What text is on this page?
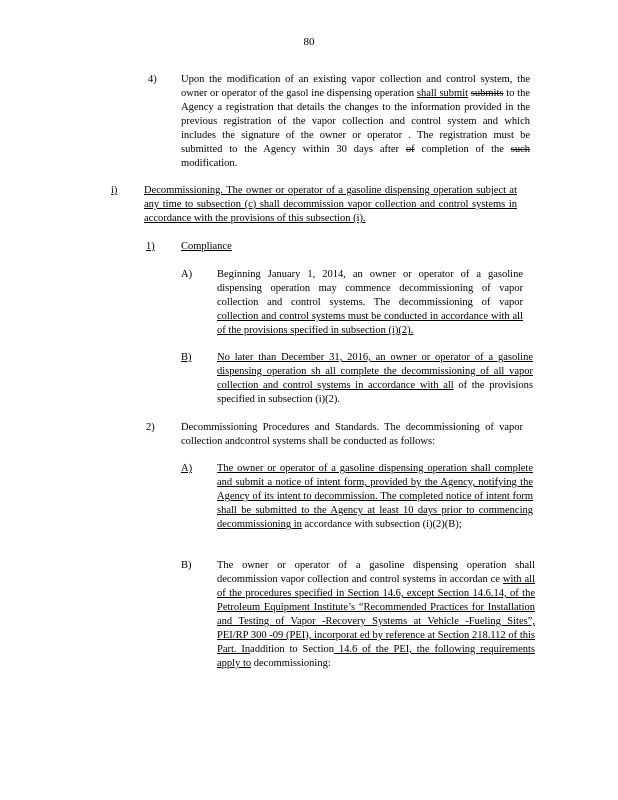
80
4) Upon the modification of an existing vapor collection and control system, the owner or operator of the gasol ine dispensing operation shall submit submits to the Agency a registration that details the changes to the information provided in the previous registration of the vapor collection and control system and which includes the signature of the owner or operator . The registration must be submitted to the Agency within 30 days after of completion of the such modification.
i)	Decommissioning. The owner or operator of a gasoline dispensing operation subject at any time to subsection (c) shall decommission vapor collection and control systems in accordance with the provisions of this subsection (i).
1)	Compliance
A) Beginning January 1, 2014, an owner or operator of a gasoline dispensing operation may commence decommissioning of vapor collection and control systems. The decommissioning of vapor collection and control systems must be conducted in accordance with all of the provisions specified in subsection (i)(2).
B) No later than December 31, 2016, an owner or operator of a gasoline dispensing operation sh all complete the decommissioning of all vapor collection and control systems in accordance with all of the provisions specified in subsection (i)(2).
2)	Decommissioning Procedures and Standards. The decommissioning of vapor collection andcontrol systems shall be conducted as follows:
A) The owner or operator of a gasoline dispensing operation shall complete and submit a notice of intent form, provided by the Agency, notifying the Agency of its intent to decommission. The completed notice of intent form shall be submitted to the Agency at least 10 days prior to commencing decommissioning in accordance with subsection (i)(2)(B);
B) The owner or operator of a gasoline dispensing operation shall decommission vapor collection and control systems in accordan ce with all of the procedures specified in Section 14.6, except Section 14.6.14, of the Petroleum Equipment Institute’s “Recommended Practices for Installation and Testing of Vapor -Recovery Systems at Vehicle -Fueling Sites”, PEI/RP 300 -09 (PEI), incorporat ed by reference at Section 218.112 of this Part. Inaddition to Section 14.6 of the PEI, the following requirements apply to decommissioning:
